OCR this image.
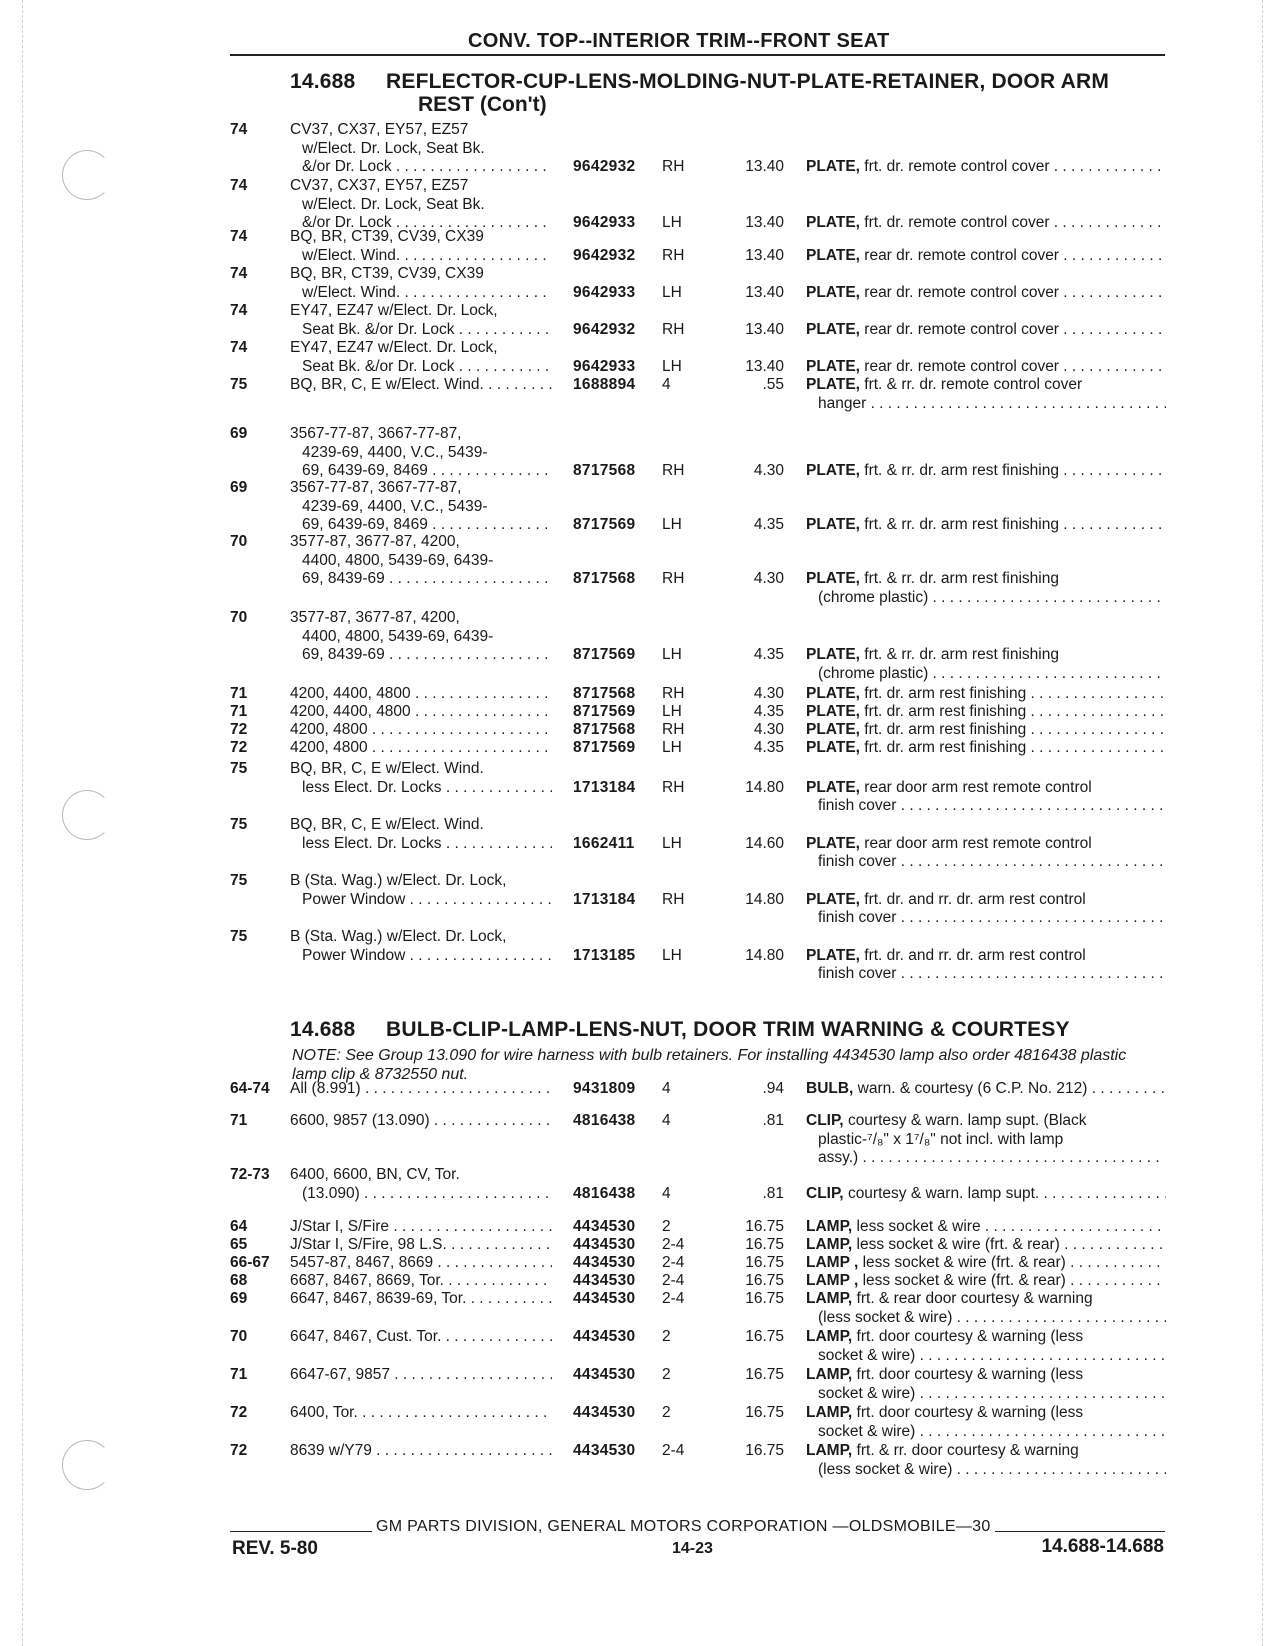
CONV. TOP--INTERIOR TRIM--FRONT SEAT
14.688 REFLECTOR-CUP-LENS-MOLDING-NUT-PLATE-RETAINER, DOOR ARM
REST (Con't)
74	CV37, CX37, EY57, EZ57
w/Elect. Dr. Lock, Seat Bk.
&/or Dr. Lock . . .	9642932 RH	13.40 PLATE, frt. dr. remote control cover . . .
74	CV37, CX37, EY57, EZ57
w/Elect. Dr. Lock, Seat Bk.
&/or Dr. Lock . . .	9642933 LH	13.40 PLATE, frt. dr. remote control cover . . .
74	BQ, BR, CT39, CV39, CX39
w/Elect. Wind. . . .	9642932 RH	13.40 PLATE, rear dr. remote control cover . . .
74	BQ, BR, CT39, CV39, CX39
w/Elect. Wind. . . .	9642933 LH	13.40 PLATE, rear dr. remote control cover . . .
74	EY47, EZ47 w/Elect. Dr. Lock,
Seat Bk. &/or Dr. Lock . . .	9642932 RH	13.40 PLATE, rear dr. remote control cover . . .
74	EY47, EZ47 w/Elect. Dr. Lock,
Seat Bk. &/or Dr. Lock . . .	9642933 LH	13.40 PLATE, rear dr. remote control cover . . .
75	BQ, BR, C, E w/Elect. Wind. . . .	1688894 4	.55 PLATE, frt. & rr. dr. remote control cover
hanger . . .
69	3567-77-87, 3667-77-87,
4239-69, 4400, V.C., 5439-
69, 6439-69, 8469 . . .	8717568 RH	4.30 PLATE, frt. & rr. dr. arm rest finishing . . .
69	3567-77-87, 3667-77-87,
4239-69, 4400, V.C., 5439-
69, 6439-69, 8469 . . .	8717569 LH	4.35 PLATE, frt. & rr. dr. arm rest finishing . . .
70	3577-87, 3677-87, 4200,
4400, 4800, 5439-69, 6439-
69, 8439-69 . . .	8717568 RH	4.30 PLATE, frt. & rr. dr. arm rest finishing
(chrome plastic) . . .
70	3577-87, 3677-87, 4200,
4400, 4800, 5439-69, 6439-
69, 8439-69 . . .	8717569 LH	4.35 PLATE, frt. & rr. dr. arm rest finishing
(chrome plastic) . . .
71	4200, 4400, 4800 . . .	8717568 RH	4.30 PLATE, frt. dr. arm rest finishing . . .
71	4200, 4400, 4800 . . .	8717569 LH	4.35 PLATE, frt. dr. arm rest finishing . . .
72	4200, 4800 . . .	8717568 RH	4.30 PLATE, frt. dr. arm rest finishing . . .
72	4200, 4800 . . .	8717569 LH	4.35 PLATE, frt. dr. arm rest finishing . . .
75	BQ, BR, C, E w/Elect. Wind.
less Elect. Dr. Locks . . .	1713184 RH	14.80 PLATE, rear door arm rest remote control
finish cover . . .
75	BQ, BR, C, E w/Elect. Wind.
less Elect. Dr. Locks . . .	1662411 LH	14.60 PLATE, rear door arm rest remote control
finish cover . . .
75	B (Sta. Wag.) w/Elect. Dr. Lock,
Power Window . . .	1713184 RH	14.80 PLATE, frt. dr. and rr. dr. arm rest control
finish cover . . .
75	B (Sta. Wag.) w/Elect. Dr. Lock,
Power Window . . .	1713185 LH	14.80 PLATE, frt. dr. and rr. dr. arm rest control
finish cover . . .
14.688 BULB-CLIP-LAMP-LENS-NUT, DOOR TRIM WARNING & COURTESY
NOTE: See Group 13.090 for wire harness with bulb retainers. For installing 4434530 lamp also order 4816438 plastic lamp clip & 8732550 nut.
64-74 All (8.991) . . .	9431809 4	.94 BULB, warn. & courtesy (6 C.P. No. 212) . . .
71	6600, 9857 (13.090) . . .	4816438 4	.81 CLIP, courtesy & warn. lamp supt. (Black
plastic-⁷/₈" x 1⁷/₈" not incl. with lamp
assy.) . . .
72-73 6400, 6600, BN, CV, Tor.
(13.090) . . .	4816438 4	.81 CLIP, courtesy & warn. lamp supt. . . .
64	J/Star I, S/Fire . . .	4434530 2	16.75 LAMP, less socket & wire . . .
65	J/Star I, S/Fire, 98 L.S. . . .	4434530 2-4	16.75 LAMP, less socket & wire (frt. & rear) . . .
66-67 5457-87, 8467, 8669 . . .	4434530 2-4	16.75 LAMP , less socket & wire (frt. & rear) . . .
68	6687, 8467, 8669, Tor. . . .	4434530 2-4	16.75 LAMP , less socket & wire (frt. & rear) . . .
69	6647, 8467, 8639-69, Tor. . . .	4434530 2-4	16.75 LAMP, frt. & rear door courtesy & warning
(less socket & wire) . . .
70	6647, 8467, Cust. Tor. . . .	4434530 2	16.75 LAMP, frt. door courtesy & warning (less
socket & wire) . . .
71	6647-67, 9857 . . .	4434530 2	16.75 LAMP, frt. door courtesy & warning (less
socket & wire) . . .
72	6400, Tor. . . .	4434530 2	16.75 LAMP, frt. door courtesy & warning (less
socket & wire) . . .
72	8639 w/Y79 . . .	4434530 2-4	16.75 LAMP, frt. & rr. door courtesy & warning
(less socket & wire) . . .
GM PARTS DIVISION, GENERAL MOTORS CORPORATION —OLDSMOBILE—30
REV. 5-80	14-23	14.688-14.688
